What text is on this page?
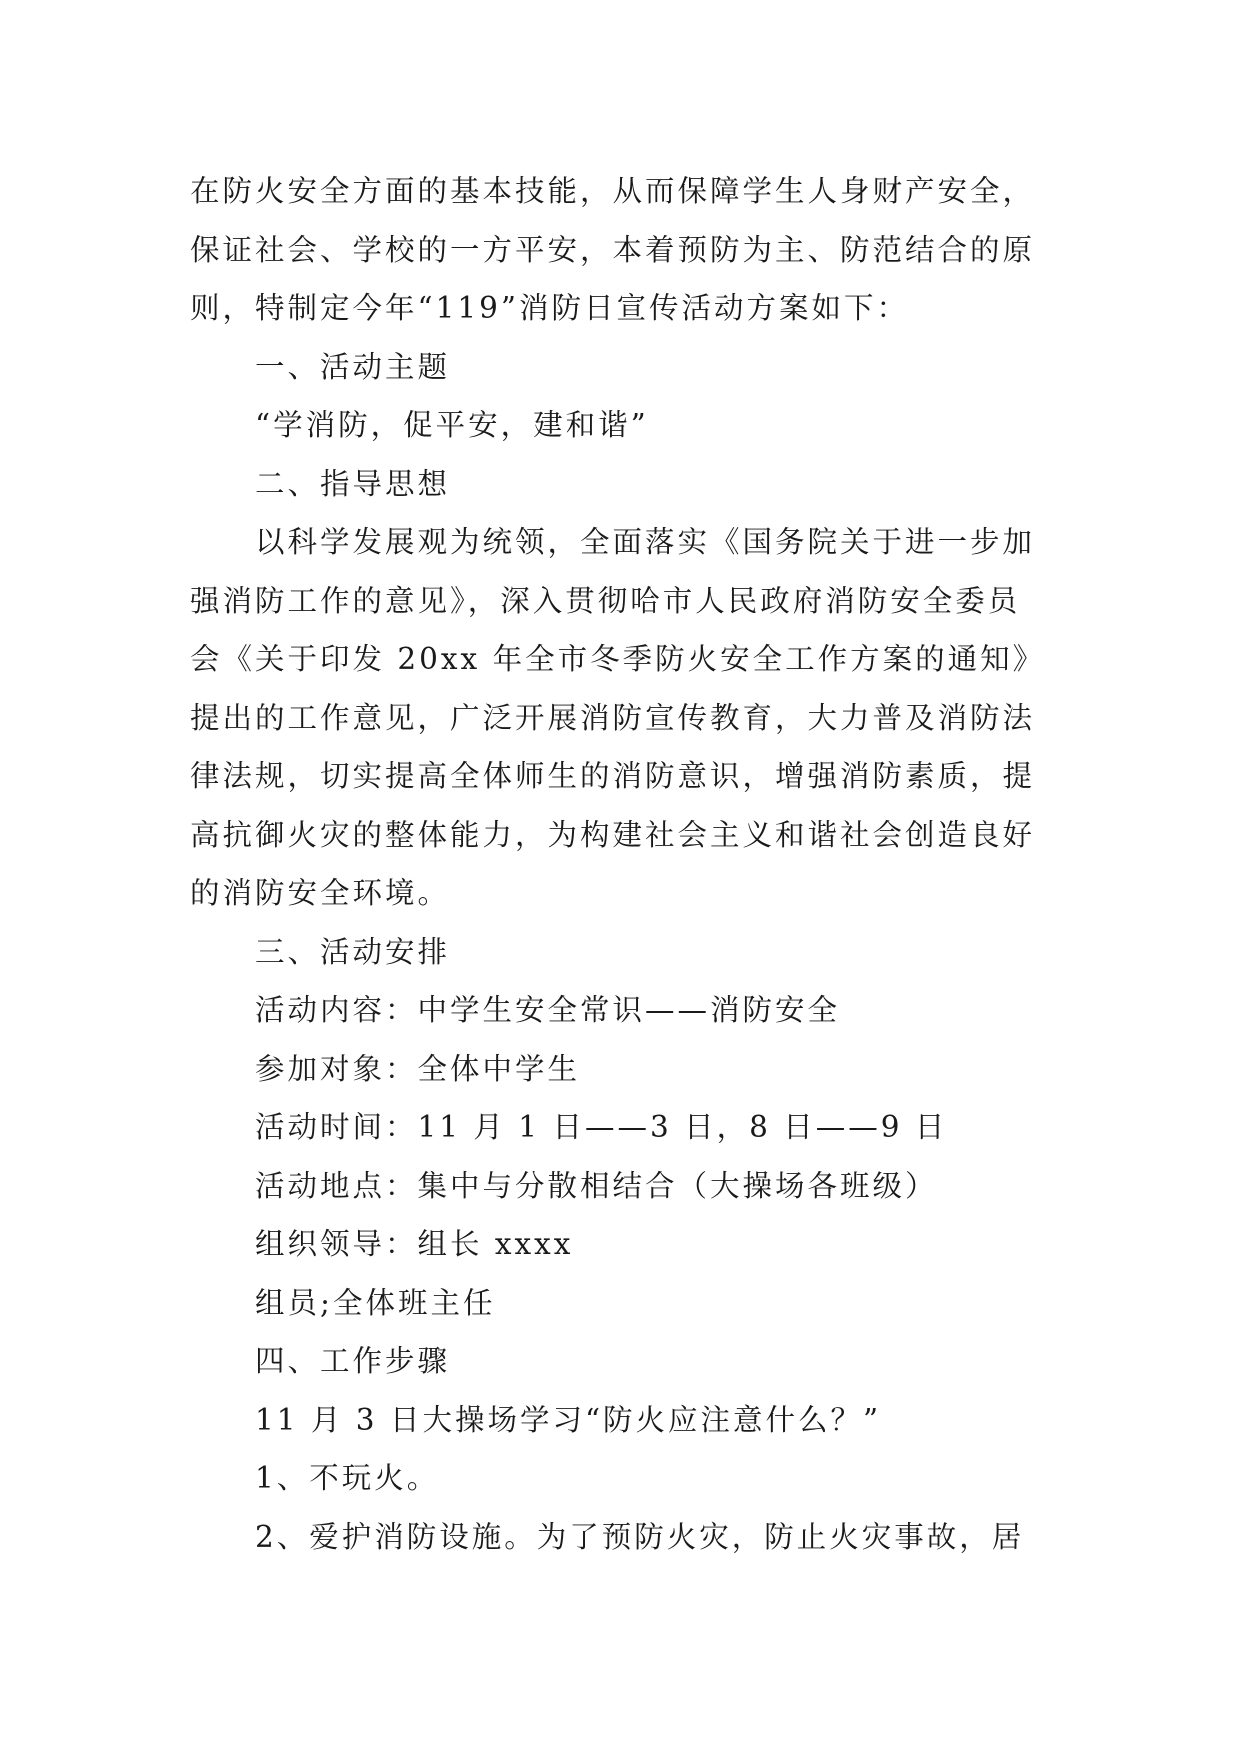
在防火安全方面的基本技能，从而保障学生人身财产安全，
保证社会、学校的一方平安，本着预防为主、防范结合的原
则，特制定今年“119”消防日宣传活动方案如下：
一、活动主题
“学消防，促平安，建和谐”
二、指导思想
以科学发展观为统领，全面落实《国务院关于进一步加
强消防工作的意见》，深入贯彻哈市人民政府消防安全委员
会《关于印发 20xx 年全市冬季防火安全工作方案的通知》
提出的工作意见，广泛开展消防宣传教育，大力普及消防法
律法规，切实提高全体师生的消防意识，增强消防素质，提
高抗御火灾的整体能力，为构建社会主义和谐社会创造良好
的消防安全环境。
三、活动安排
活动内容：中学生安全常识——消防安全
参加对象：全体中学生
活动时间：11 月 1 日——3 日，8 日——9 日
活动地点：集中与分散相结合（大操场各班级）
组织领导：组长 xxxx
组员;全体班主任
四、工作步骤
11 月 3 日大操场学习“防火应注意什么？”
1、不玩火。
2、爱护消防设施。为了预防火灾，防止火灾事故，居
